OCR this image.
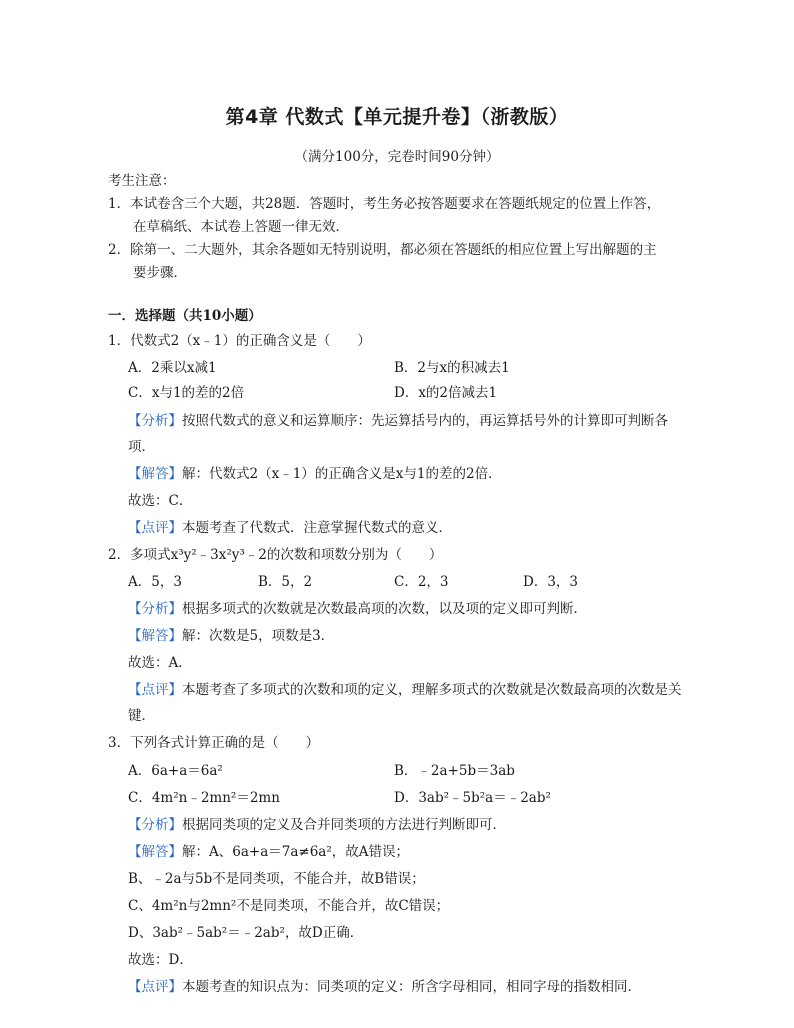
第4章 代数式【单元提升卷】（浙教版）
（满分100分，完卷时间90分钟）
考生注意：
1．本试卷含三个大题，共28题．答题时，考生务必按答题要求在答题纸规定的位置上作答，
在草稿纸、本试卷上答题一律无效．
2．除第一、二大题外，其余各题如无特别说明，都必须在答题纸的相应位置上写出解题的主
要步骤．
一．选择题（共10小题）
1．代数式2（x﹣1）的正确含义是（　　）
A．2乘以x减1	B．2与x的积减去1
C．x与1的差的2倍	D．x的2倍减去1
【分析】按照代数式的意义和运算顺序：先运算括号内的，再运算括号外的计算即可判断各
项．
【解答】解：代数式2（x﹣1）的正确含义是x与1的差的2倍．
故选：C．
【点评】本题考查了代数式．注意掌握代数式的意义．
2．多项式x³y²﹣3x²y³﹣2的次数和项数分别为（　　）
A．5，3	B．5，2	C．2，3	D．3，3
【分析】根据多项式的次数就是次数最高项的次数，以及项的定义即可判断．
【解答】解：次数是5，项数是3．
故选：A．
【点评】本题考查了多项式的次数和项的定义，理解多项式的次数就是次数最高项的次数是关
键．
3．下列各式计算正确的是（　　）
A．6a+a＝6a²	B．﹣2a+5b＝3ab
C．4m²n﹣2mn²＝2mn	D．3ab²﹣5b²a＝﹣2ab²
【分析】根据同类项的定义及合并同类项的方法进行判断即可．
【解答】解：A、6a+a＝7a≠6a²，故A错误；
B、﹣2a与5b不是同类项，不能合并，故B错误；
C、4m²n与2mn²不是同类项，不能合并，故C错误；
D、3ab²﹣5ab²＝﹣2ab²，故D正确．
故选：D．
【点评】本题考查的知识点为：同类项的定义：所含字母相同，相同字母的指数相同．
